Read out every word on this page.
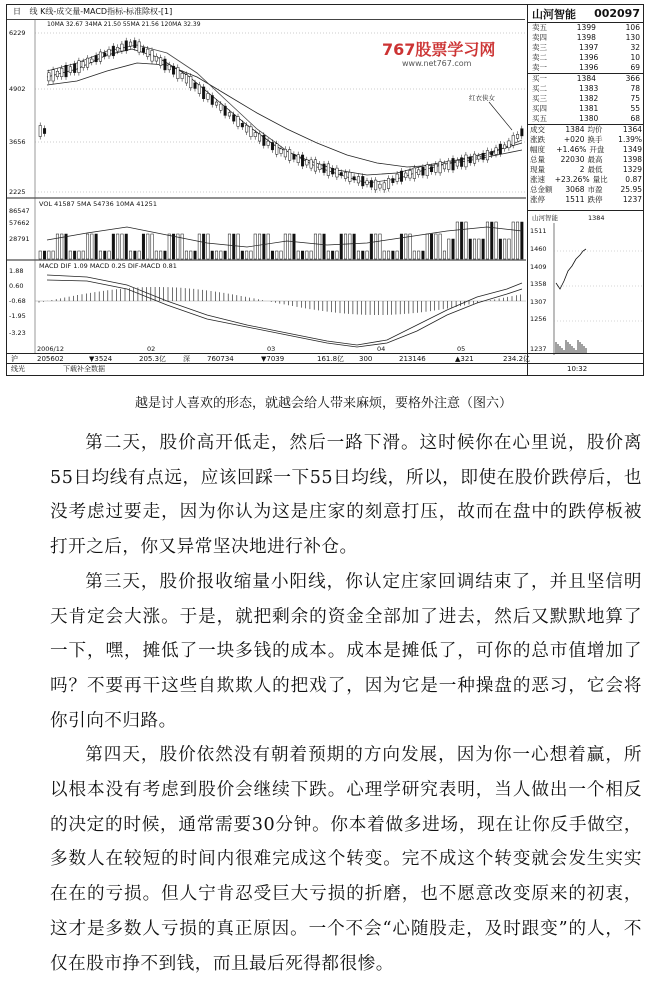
日 线 K线-成交量-MACD指标-标准除权-[1]
10MA 32.67 34MA 21.50 55MA 21.56 120MA 32.39
6229
4902
3656
2225
红衣侠女
VOL 41587 5MA 54736 10MA 41251
86547
57662
28791
MACD DIF 1.09 MACD 0.25 DIF-MACD 0.81
1.88
0.60
-0.68
-1.95
-3.23
2006/12	02	03	04	05
767股票学习网
www.net767.com
山河智能 002097
卖五	1399	106
卖四	1398	130
卖三	1397	32
卖二	1396	10
卖一	1396	69
买一	1384	366
买二	1383	78
买三	1382	75
买四	1381	55
买五	1380	68
成交	1384 均价	1364
涨跌	+020 换手	1.39%
幅度	+1.46% 开盘	1349
总量	22030 最高	1398
现量	2 最低	1329
涨速	+23.26% 量比	0.87
总金额	3068 市盈	25.95
涨停	1511 跌停	1237
山河智能	1384
1511
1460
1409
1358
1307
1256
1237
沪	205602	▼3524	205.3亿 深 760734	▼7039	161.8亿 300	213146	▲321	234.2亿
线光	下载补全数据	10:32
越是讨人喜欢的形态，就越会给人带来麻烦，要格外注意（图六）

第二天，股价高开低走，然后一路下滑。这时候你在心里说，股价离55日均线有点远，应该回踩一下55日均线，所以，即使在股价跌停后，也没考虑过要走，因为你认为这是庄家的刻意打压，故而在盘中的跌停板被打开之后，你又异常坚决地进行补仓。

第三天，股价报收缩量小阳线，你认定庄家回调结束了，并且坚信明天肯定会大涨。于是，就把剩余的资金全部加了进去，然后又默默地算了一下，嘿，摊低了一块多钱的成本。成本是摊低了，可你的总市值增加了吗？不要再干这些自欺欺人的把戏了，因为它是一种操盘的恶习，它会将你引向不归路。

第四天，股价依然没有朝着预期的方向发展，因为你一心想着赢，所以根本没有考虑到股价会继续下跌。心理学研究表明，当人做出一个相反的决定的时候，通常需要30分钟。你本着做多进场，现在让你反手做空，多数人在较短的时间内很难完成这个转变。完不成这个转变就会发生实实在在的亏损。但人宁肯忍受巨大亏损的折磨，也不愿意改变原来的初衷，这才是多数人亏损的真正原因。一个不会“心随股走，及时跟变”的人，不仅在股市挣不到钱，而且最后死得都很惨。
